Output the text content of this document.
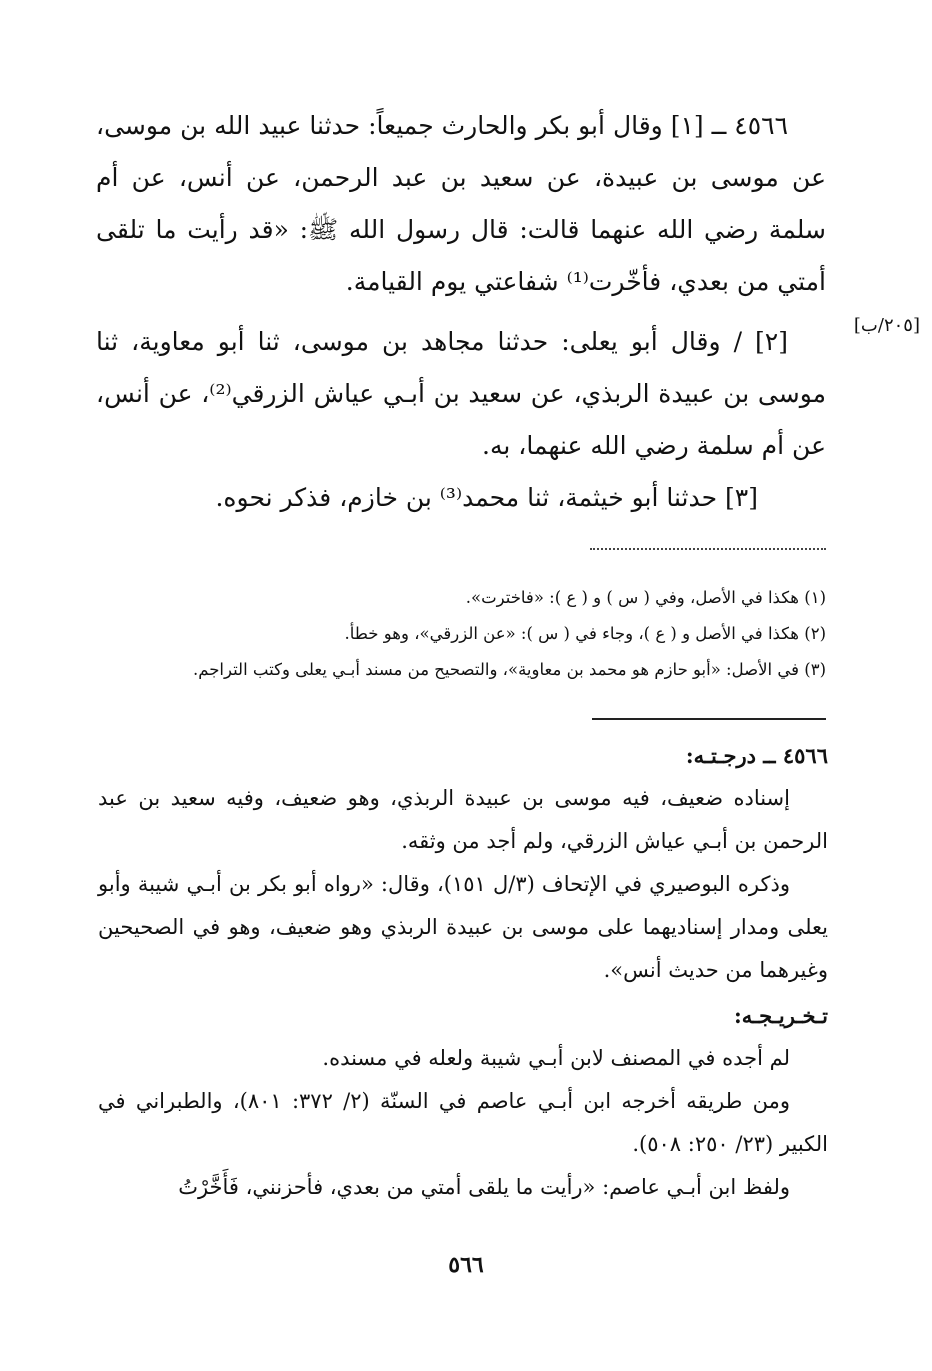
٤٥٦٦ ــ [١] وقال أبو بكر والحارث جميعاً: حدثنا عبيد الله بن موسى، عن موسى بن عبيدة، عن سعيد بن عبد الرحمن، عن أنس، عن أم سلمة رضي الله عنهما قالت: قال رسول الله ﷺ: «قد رأيت ما تلقى أمتي من بعدي، فأخّرت⁽¹⁾ شفاعتي يوم القيامة.

[٢] / وقال أبو يعلى: حدثنا مجاهد بن موسى، ثنا أبو معاوية، ثنا موسى بن عبيدة الربذي، عن سعيد بن أبـي عياش الزرقي⁽²⁾، عن أنس، عن أم سلمة رضي الله عنهما، به.

[٣] حدثنا أبو خيثمة، ثنا محمد⁽³⁾ بن خازم، فذكر نحوه.

[٢٠٥/ب]

(١) هكذا في الأصل، وفي ( س ) و ( ع ): «فاخترت».

(٢) هكذا في الأصل و ( ع )، وجاء في ( س ): «عن الزرقي»، وهو خطأ.

(٣) في الأصل: «أبو حازم هو محمد بن معاوية»، والتصحيح من مسند أبـي يعلى وكتب التراجم.

٤٥٦٦ ــ درجـتـه:

إسناده ضعيف، فيه موسى بن عبيدة الربذي، وهو ضعيف، وفيه سعيد بن عبد الرحمن بن أبـي عياش الزرقي، ولم أجد من وثقه.

وذكره البوصيري في الإتحاف (٣/ل ١٥١)، وقال: «رواه أبو بكر بن أبـي شيبة وأبو يعلى ومدار إسناديهما على موسى بن عبيدة الربذي وهو ضعيف، وهو في الصحيحين وغيرهما من حديث أنس».

تـخـريـجـه:

لم أجده في المصنف لابن أبـي شيبة ولعله في مسنده.

ومن طريقه أخرجه ابن أبـي عاصم في السنّة (٢/ ٣٧٢: ٨٠١)، والطبراني في الكبير (٢٣/ ٢٥٠: ٥٠٨).

ولفظ ابن أبـي عاصم: «رأيت ما يلقى أمتي من بعدي، فأحزنني، فَأَخَّرْتُ

٥٦٦
